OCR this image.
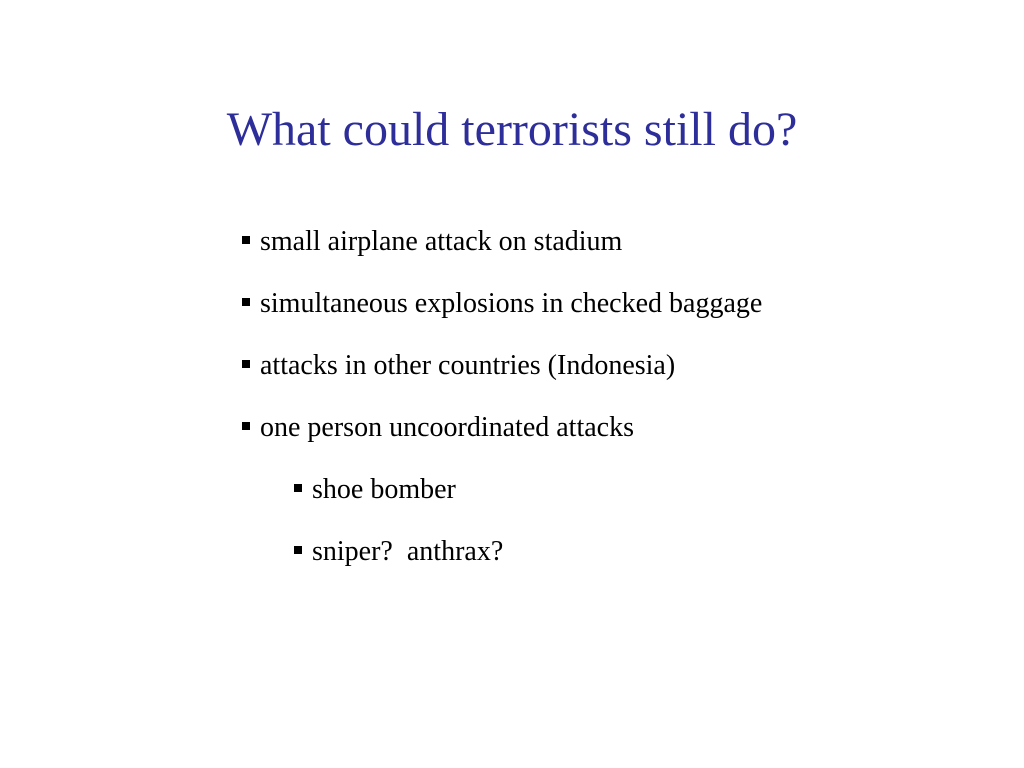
What could terrorists still do?
small airplane attack on stadium
simultaneous explosions in checked baggage
attacks in other countries (Indonesia)
one person uncoordinated attacks
shoe bomber
sniper?  anthrax?
